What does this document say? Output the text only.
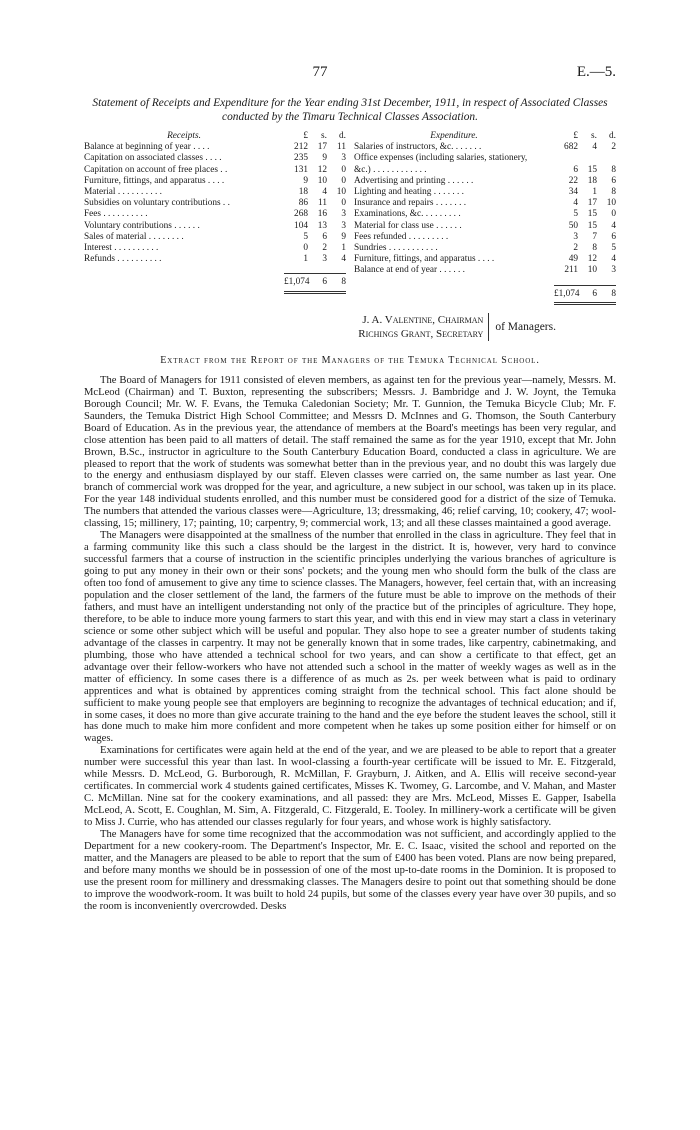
77	E.—5.
Statement of Receipts and Expenditure for the Year ending 31st December, 1911, in respect of Associated Classes conducted by the Timaru Technical Classes Association.
Receipts.	£	s.	d.
Balance at beginning of year . . . .	212	17	11
Capitation on associated classes . . . .	235	9	3
Capitation on account of free places . .	131	12	0
Furniture, fittings, and apparatus . . . .	9	10	0
Material . . . . . . . . . .	18	4	10
Subsidies on voluntary contributions . .	86	11	0
Fees . . . . . . . . . .	268	16	3
Voluntary contributions . . . . . .	104	13	3
Sales of material . . . . . . . .	5	6	9
Interest . . . . . . . . . .	0	2	1
Refunds . . . . . . . . . .	1	3	4
£1,074	6	8
Expenditure.	£	s.	d.
Salaries of instructors, &c. . . . . . .	682	4	2
Office expenses (including salaries, stationery,
&c.) . . . . . . . . . . . .	6	15	8
Advertising and printing . . . . . .	22	18	6
Lighting and heating . . . . . . .	34	1	8
Insurance and repairs . . . . . . .	4	17	10
Examinations, &c. . . . . . . . .	5	15	0
Material for class use . . . . . .	50	15	4
Fees refunded . . . . . . . . .	3	7	6
Sundries . . . . . . . . . . .	2	8	5
Furniture, fittings, and apparatus . . . .	49	12	4
Balance at end of year . . . . . .	211	10	3
£1,074	6	8
J. A. Valentine, Chairman
Richings Grant, Secretary
of Managers.
Extract from the Report of the Managers of the Temuka Technical School.

The Board of Managers for 1911 consisted of eleven members, as against ten for the previous year—namely, Messrs. M. McLeod (Chairman) and T. Buxton, representing the subscribers; Messrs. J. Bambridge and J. W. Joynt, the Temuka Borough Council; Mr. W. F. Evans, the Temuka Caledonian Society; Mr. T. Gunnion, the Temuka Bicycle Club; Mr. F. Saunders, the Temuka District High School Committee; and Messrs D. McInnes and G. Thomson, the South Canterbury Board of Education. As in the previous year, the attendance of members at the Board's meetings has been very regular, and close attention has been paid to all matters of detail. The staff remained the same as for the year 1910, except that Mr. John Brown, B.Sc., instructor in agriculture to the South Canterbury Education Board, conducted a class in agriculture. We are pleased to report that the work of students was somewhat better than in the previous year, and no doubt this was largely due to the energy and enthusiasm displayed by our staff. Eleven classes were carried on, the same number as last year. One branch of commercial work was dropped for the year, and agriculture, a new subject in our school, was taken up in its place. For the year 148 individual students enrolled, and this number must be considered good for a district of the size of Temuka. The numbers that attended the various classes were—Agriculture, 13; dressmaking, 46; relief carving, 10; cookery, 47; wool-classing, 15; millinery, 17; painting, 10; carpentry, 9; commercial work, 13; and all these classes maintained a good average.

The Managers were disappointed at the smallness of the number that enrolled in the class in agriculture. They feel that in a farming community like this such a class should be the largest in the district. It is, however, very hard to convince successful farmers that a course of instruction in the scientific principles underlying the various branches of agriculture is going to put any money in their own or their sons' pockets; and the young men who should form the bulk of the class are often too fond of amusement to give any time to science classes. The Managers, however, feel certain that, with an increasing population and the closer settlement of the land, the farmers of the future must be able to improve on the methods of their fathers, and must have an intelligent understanding not only of the practice but of the principles of agriculture. They hope, therefore, to be able to induce more young farmers to start this year, and with this end in view may start a class in veterinary science or some other subject which will be useful and popular. They also hope to see a greater number of students taking advantage of the classes in carpentry. It may not be generally known that in some trades, like carpentry, cabinetmaking, and plumbing, those who have attended a technical school for two years, and can show a certificate to that effect, get an advantage over their fellow-workers who have not attended such a school in the matter of weekly wages as well as in the matter of efficiency. In some cases there is a difference of as much as 2s. per week between what is paid to ordinary apprentices and what is obtained by apprentices coming straight from the technical school. This fact alone should be sufficient to make young people see that employers are beginning to recognize the advantages of technical education; and if, in some cases, it does no more than give accurate training to the hand and the eye before the student leaves the school, still it has done much to make him more confident and more competent when he takes up some position either for himself or on wages.

Examinations for certificates were again held at the end of the year, and we are pleased to be able to report that a greater number were successful this year than last. In wool-classing a fourth-year certificate will be issued to Mr. E. Fitzgerald, while Messrs. D. McLeod, G. Burborough, R. McMillan, F. Grayburn, J. Aitken, and A. Ellis will receive second-year certificates. In commercial work 4 students gained certificates, Misses K. Twomey, G. Larcombe, and V. Mahan, and Master C. McMillan. Nine sat for the cookery examinations, and all passed: they are Mrs. McLeod, Misses E. Gapper, Isabella McLeod, A. Scott, E. Coughlan, M. Sim, A. Fitzgerald, C. Fitzgerald, E. Tooley. In millinery-work a certificate will be given to Miss J. Currie, who has attended our classes regularly for four years, and whose work is highly satisfactory.

The Managers have for some time recognized that the accommodation was not sufficient, and accordingly applied to the Department for a new cookery-room. The Department's Inspector, Mr. E. C. Isaac, visited the school and reported on the matter, and the Managers are pleased to be able to report that the sum of £400 has been voted. Plans are now being prepared, and before many months we should be in possession of one of the most up-to-date rooms in the Dominion. It is proposed to use the present room for millinery and dressmaking classes. The Managers desire to point out that something should be done to improve the woodwork-room. It was built to hold 24 pupils, but some of the classes every year have over 30 pupils, and so the room is inconveniently overcrowded. Desks
